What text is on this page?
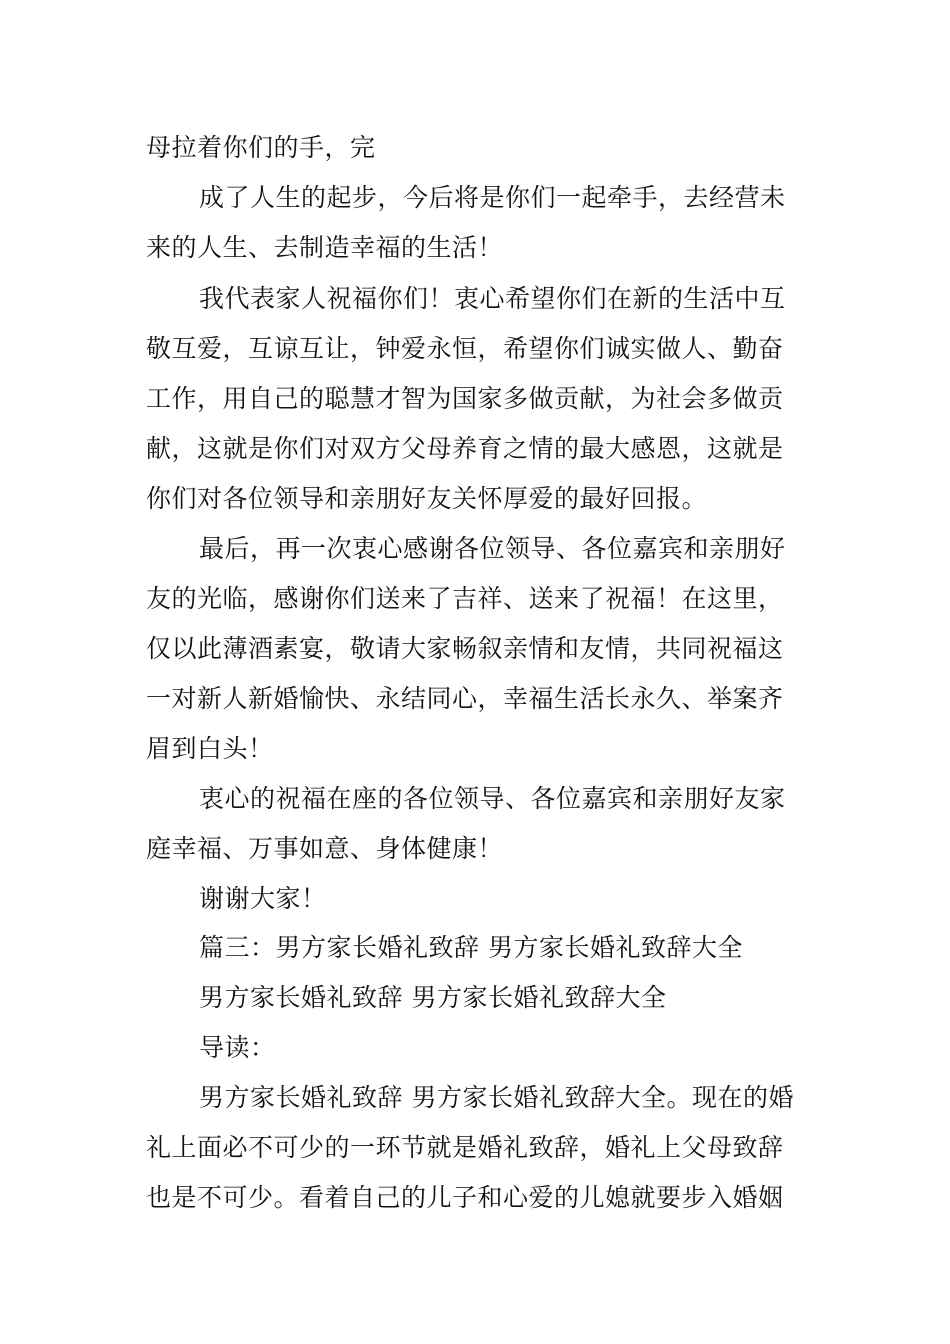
母拉着你们的手，完
成了人生的起步，今后将是你们一起牵手，去经营未
来的人生、去制造幸福的生活！
我代表家人祝福你们！衷心希望你们在新的生活中互
敬互爱，互谅互让，钟爱永恒，希望你们诚实做人、勤奋
工作，用自己的聪慧才智为国家多做贡献，为社会多做贡
献，这就是你们对双方父母养育之情的最大感恩，这就是
你们对各位领导和亲朋好友关怀厚爱的最好回报。
最后，再一次衷心感谢各位领导、各位嘉宾和亲朋好
友的光临，感谢你们送来了吉祥、送来了祝福！在这里，
仅以此薄酒素宴，敬请大家畅叙亲情和友情，共同祝福这
一对新人新婚愉快、永结同心，幸福生活长永久、举案齐
眉到白头！
衷心的祝福在座的各位领导、各位嘉宾和亲朋好友家
庭幸福、万事如意、身体健康！
谢谢大家！
篇三：男方家长婚礼致辞 男方家长婚礼致辞大全
男方家长婚礼致辞 男方家长婚礼致辞大全
导读：
男方家长婚礼致辞 男方家长婚礼致辞大全。现在的婚
礼上面必不可少的一环节就是婚礼致辞，婚礼上父母致辞
也是不可少。看着自己的儿子和心爱的儿媳就要步入婚姻
